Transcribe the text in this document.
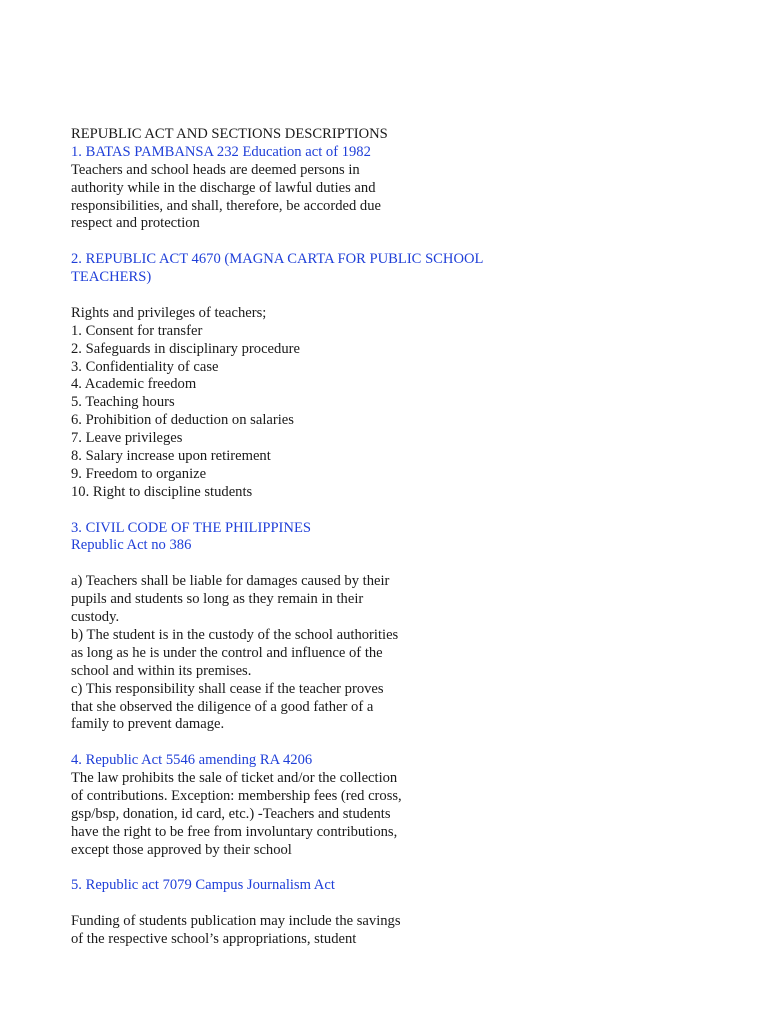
REPUBLIC ACT AND SECTIONS DESCRIPTIONS
1. BATAS PAMBANSA 232 Education act of 1982
Teachers and school heads are deemed persons in
authority while in the discharge of lawful duties and
responsibilities, and shall, therefore, be accorded due
respect and protection
2. REPUBLIC ACT 4670 (MAGNA CARTA FOR PUBLIC SCHOOL
TEACHERS)
Rights and privileges of teachers;
1. Consent for transfer
2. Safeguards in disciplinary procedure
3. Confidentiality of case
4. Academic freedom
5. Teaching hours
6. Prohibition of deduction on salaries
7. Leave privileges
8. Salary increase upon retirement
9. Freedom to organize
10. Right to discipline students
3. CIVIL CODE OF THE PHILIPPINES
Republic Act no 386
a) Teachers shall be liable for damages caused by their
pupils and students so long as they remain in their
custody.
b) The student is in the custody of the school authorities
as long as he is under the control and influence of the
school and within its premises.
c) This responsibility shall cease if the teacher proves
that she observed the diligence of a good father of a
family to prevent damage.
4. Republic Act 5546 amending RA 4206
The law prohibits the sale of ticket and/or the collection
of contributions. Exception: membership fees (red cross,
gsp/bsp, donation, id card, etc.) -Teachers and students
have the right to be free from involuntary contributions,
except those approved by their school
5. Republic act 7079 Campus Journalism Act
Funding of students publication may include the savings
of the respective school’s appropriations, student
